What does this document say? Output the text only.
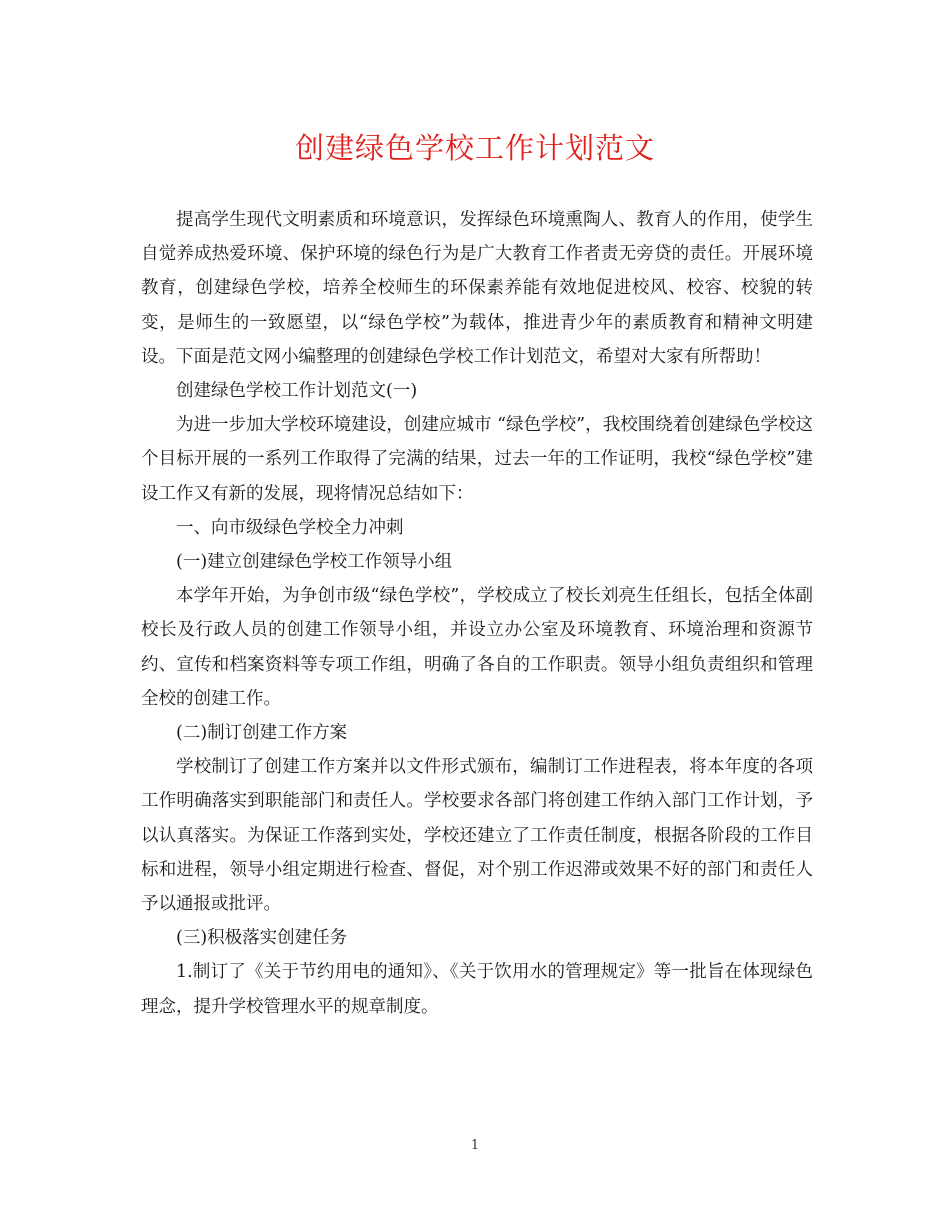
创建绿色学校工作计划范文

提高学生现代文明素质和环境意识，发挥绿色环境熏陶人、教育人的作用，使学生自觉养成热爱环境、保护环境的绿色行为是广大教育工作者责无旁贷的责任。开展环境教育，创建绿色学校，培养全校师生的环保素养能有效地促进校风、校容、校貌的转变，是师生的一致愿望，以“绿色学校”为载体，推进青少年的素质教育和精神文明建设。下面是范文网小编整理的创建绿色学校工作计划范文，希望对大家有所帮助！

创建绿色学校工作计划范文(一)

为进一步加大学校环境建设，创建应城市 “绿色学校”，我校围绕着创建绿色学校这个目标开展的一系列工作取得了完满的结果，过去一年的工作证明，我校“绿色学校”建设工作又有新的发展，现将情况总结如下：

一、向市级绿色学校全力冲刺

(一)建立创建绿色学校工作领导小组

本学年开始，为争创市级“绿色学校”，学校成立了校长刘亮生任组长，包括全体副校长及行政人员的创建工作领导小组，并设立办公室及环境教育、环境治理和资源节约、宣传和档案资料等专项工作组，明确了各自的工作职责。领导小组负责组织和管理全校的创建工作。

(二)制订创建工作方案

学校制订了创建工作方案并以文件形式颁布，编制订工作进程表，将本年度的各项工作明确落实到职能部门和责任人。学校要求各部门将创建工作纳入部门工作计划，予以认真落实。为保证工作落到实处，学校还建立了工作责任制度，根据各阶段的工作目标和进程，领导小组定期进行检查、督促，对个别工作迟滞或效果不好的部门和责任人予以通报或批评。

(三)积极落实创建任务

1.制订了《关于节约用电的通知》、《关于饮用水的管理规定》等一批旨在体现绿色理念，提升学校管理水平的规章制度。

1
